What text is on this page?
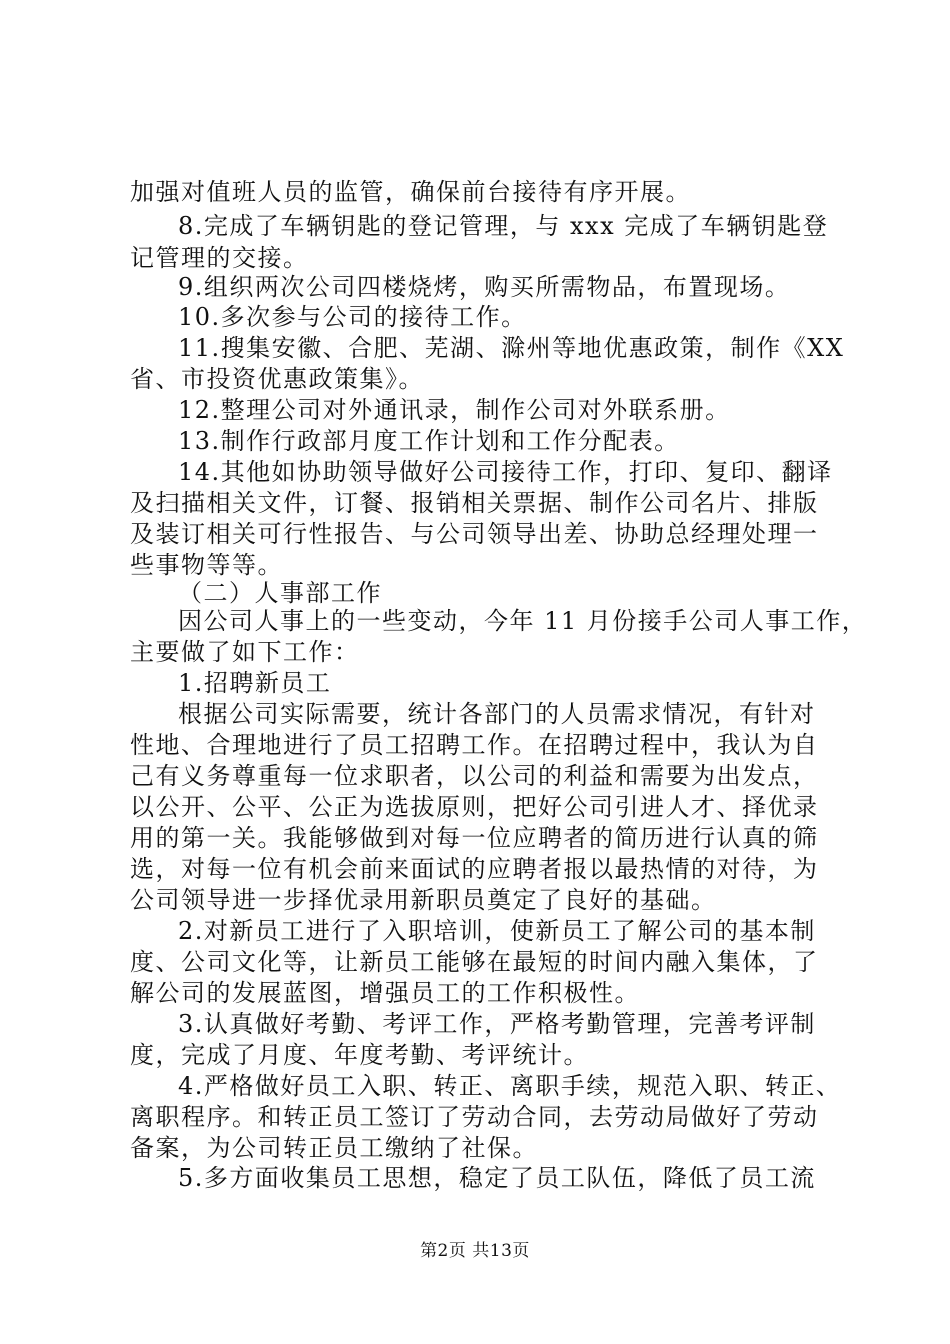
加强对值班人员的监管，确保前台接待有序开展。
8.完成了车辆钥匙的登记管理，与 xxx 完成了车辆钥匙登
记管理的交接。
9.组织两次公司四楼烧烤，购买所需物品，布置现场。
10.多次参与公司的接待工作。
11.搜集安徽、合肥、芜湖、滁州等地优惠政策，制作《XX
省、市投资优惠政策集》。
12.整理公司对外通讯录，制作公司对外联系册。
13.制作行政部月度工作计划和工作分配表。
14.其他如协助领导做好公司接待工作，打印、复印、翻译
及扫描相关文件，订餐、报销相关票据、制作公司名片、排版
及装订相关可行性报告、与公司领导出差、协助总经理处理一
些事物等等。
（二）人事部工作
因公司人事上的一些变动，今年 11 月份接手公司人事工作，
主要做了如下工作：
1.招聘新员工
根据公司实际需要，统计各部门的人员需求情况，有针对
性地、合理地进行了员工招聘工作。在招聘过程中，我认为自
己有义务尊重每一位求职者，以公司的利益和需要为出发点，
以公开、公平、公正为选拔原则，把好公司引进人才、择优录
用的第一关。我能够做到对每一位应聘者的简历进行认真的筛
选，对每一位有机会前来面试的应聘者报以最热情的对待，为
公司领导进一步择优录用新职员奠定了良好的基础。
2.对新员工进行了入职培训，使新员工了解公司的基本制
度、公司文化等，让新员工能够在最短的时间内融入集体，了
解公司的发展蓝图，增强员工的工作积极性。
3.认真做好考勤、考评工作，严格考勤管理，完善考评制
度，完成了月度、年度考勤、考评统计。
4.严格做好员工入职、转正、离职手续，规范入职、转正、
离职程序。和转正员工签订了劳动合同，去劳动局做好了劳动
备案，为公司转正员工缴纳了社保。
5.多方面收集员工思想，稳定了员工队伍，降低了员工流
第2页 共13页
